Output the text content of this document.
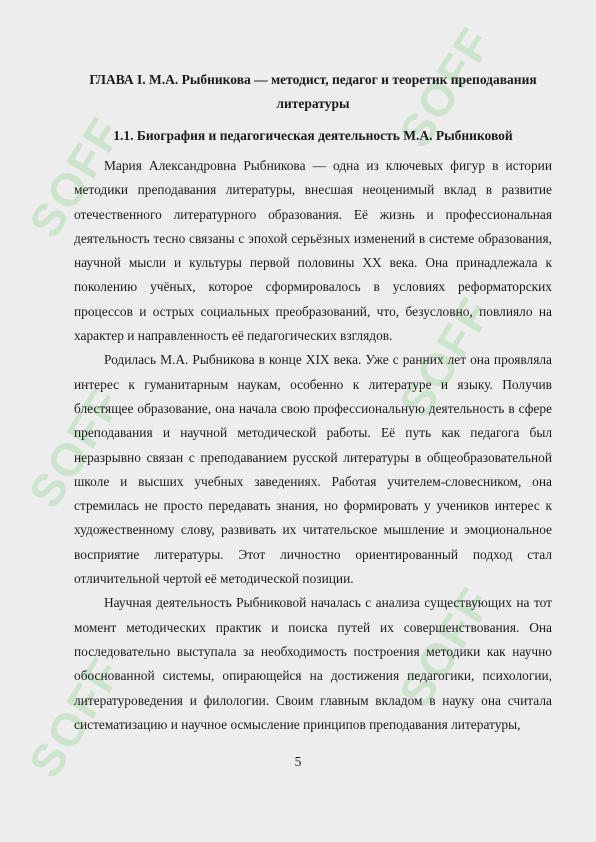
SOFF
SOFF
SOFF
SOFF
SOFF
SOFF
ГЛАВА I. М.А. Рыбникова — методист, педагог и теоретик преподавания литературы
1.1. Биография и педагогическая деятельность М.А. Рыбниковой

Мария Александровна Рыбникова — одна из ключевых фигур в истории методики преподавания литературы, внесшая неоценимый вклад в развитие отечественного литературного образования. Её жизнь и профессиональная деятельность тесно связаны с эпохой серьёзных изменений в системе образования, научной мысли и культуры первой половины XX века. Она принадлежала к поколению учёных, которое сформировалось в условиях реформаторских процессов и острых социальных преобразований, что, безусловно, повлияло на характер и направленность её педагогических взглядов.

Родилась М.А. Рыбникова в конце XIX века. Уже с ранних лет она проявляла интерес к гуманитарным наукам, особенно к литературе и языку. Получив блестящее образование, она начала свою профессиональную деятельность в сфере преподавания и научной методической работы. Её путь как педагога был неразрывно связан с преподаванием русской литературы в общеобразовательной школе и высших учебных заведениях. Работая учителем-словесником, она стремилась не просто передавать знания, но формировать у учеников интерес к художественному слову, развивать их читательское мышление и эмоциональное восприятие литературы. Этот личностно ориентированный подход стал отличительной чертой её методической позиции.

Научная деятельность Рыбниковой началась с анализа существующих на тот момент методических практик и поиска путей их совершенствования. Она последовательно выступала за необходимость построения методики как научно обоснованной системы, опирающейся на достижения педагогики, психологии, литературоведения и филологии. Своим главным вкладом в науку она считала систематизацию и научное осмысление принципов преподавания литературы,

5
